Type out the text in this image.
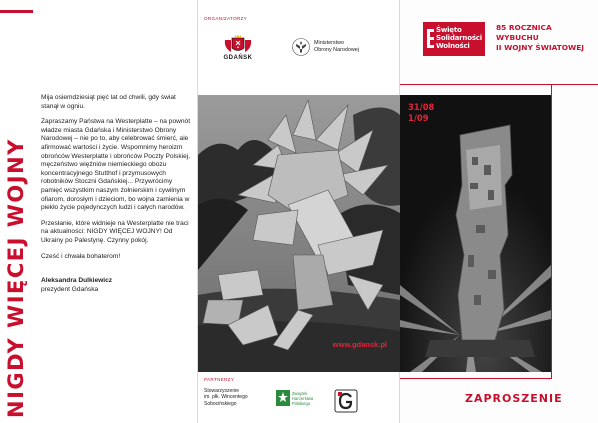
NIGDY WIĘCEJ WOJNY

Mija osiemdziesiąt pięć lat od chwili, gdy świat stanął w ogniu.

Zapraszamy Państwa na Westerplatte – na pownót władze miasta Gdańska i Ministerstwo Obrony Narodowej – nie po to, aby celebrować śmierć, ale afirmować wartości i życie. Wspomnimy heroizm obrońców Westerplatte i obrońców Poczty Polskiej, męczeństwo więźniów niemieckiego obozu koncentracyjnego Stutthof i przymusowych robotników Stoczni Gdańskiej... Przywrócimy pamięć wszystkim naszym żołnierskim i cywilnym ofiarom, dorosłym i dzieciom, bo wojna zamienia w piekło życie pojedynczych ludzi i całych narodów.

Przesłanie, które widnieje na Westerplatte nie traci na aktualności: NIGDY WIĘCEJ WOJNY! Od Ukrainy po Palestynę. Czynny pokój.

Cześć i chwała bohaterom!

Aleksandra Dulkiewicz
prezydent Gdańska
ORGANIZATORZY
GDAŃSK
Ministerstwo
Obrony Narodowej
www.gdansk.pl
PARTNERZY
Stowarzyszenie
im. płk. Wincentego
Sobocińskiego
Związek
Harcerstwa
Polskiego
Święto
Solidarności
Wolności
85 ROCZNICA
WYBUCHU
II WOJNY ŚWIATOWEJ
31/08
1/09
ZAPROSZENIE
